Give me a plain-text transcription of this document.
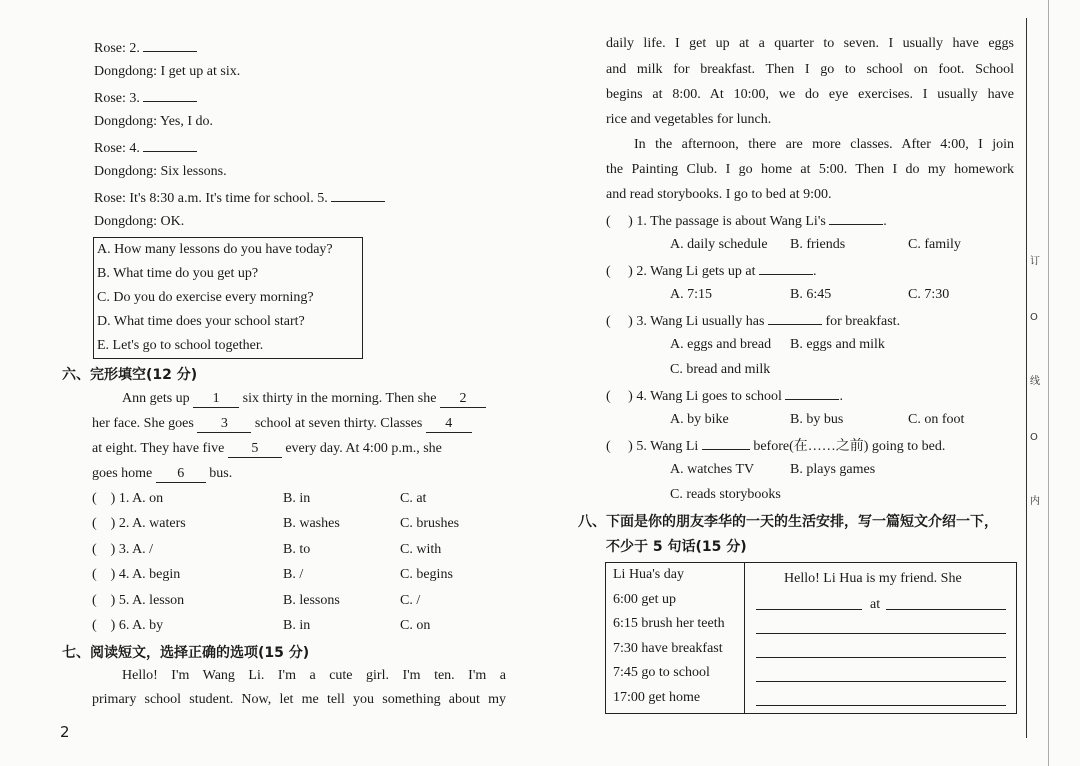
Rose: 2.
Dongdong: I get up at six.
Rose: 3.
Dongdong: Yes, I do.
Rose: 4.
Dongdong: Six lessons.
Rose: It's 8:30 a.m. It's time for school. 5.
Dongdong: OK.
A. How many lessons do you have today?
B. What time do you get up?
C. Do you do exercise every morning?
D. What time does your school start?
E. Let's go to school together.
六、完形填空(12 分)
Ann gets up 1 six thirty in the morning. Then she 2
her face. She goes 3 school at seven thirty. Classes 4
at eight. They have five 5 every day. At 4:00 p.m., she
goes home 6 bus.
(    ) 1. A. on	B. in	C. at
(    ) 2. A. waters	B. washes	C. brushes
(    ) 3. A. /	B. to	C. with
(    ) 4. A. begin	B. /	C. begins
(    ) 5. A. lesson	B. lessons	C. /
(    ) 6. A. by	B. in	C. on
七、阅读短文，选择正确的选项(15 分)
Hello! I'm Wang Li. I'm a cute girl. I'm ten. I'm a
primary school student. Now, let me tell you something about my
2
daily life. I get up at a quarter to seven. I usually have eggs
and milk for breakfast. Then I go to school on foot. School
begins at 8:00. At 10:00, we do eye exercises. I usually have
rice and vegetables for lunch.
In the afternoon, there are more classes. After 4:00, I join
the Painting Club. I go home at 5:00. Then I do my homework
and read storybooks. I go to bed at 9:00.
(     ) 1. The passage is about Wang Li's	.
A. daily schedule B. friends	C. family
(     ) 2. Wang Li gets up at	.
A. 7:15	B. 6:45	C. 7:30
(     ) 3. Wang Li usually has	for breakfast.
A. eggs and bread B. eggs and milk
C. bread and milk
(     ) 4. Wang Li goes to school	.
A. by bike	B. by bus	C. on foot
(     ) 5. Wang Li	before(在……之前) going to bed.
A. watches TV	B. plays games
C. reads storybooks
八、下面是你的朋友李华的一天的生活安排，写一篇短文介绍一下，
不少于 5 句话(15 分)
Li Hua's day
6:00 get up
6:15 brush her teeth
7:30 have breakfast
7:45 go to school
17:00 get home
Hello! Li Hua is my friend. She
at
订
O
线
O
内
